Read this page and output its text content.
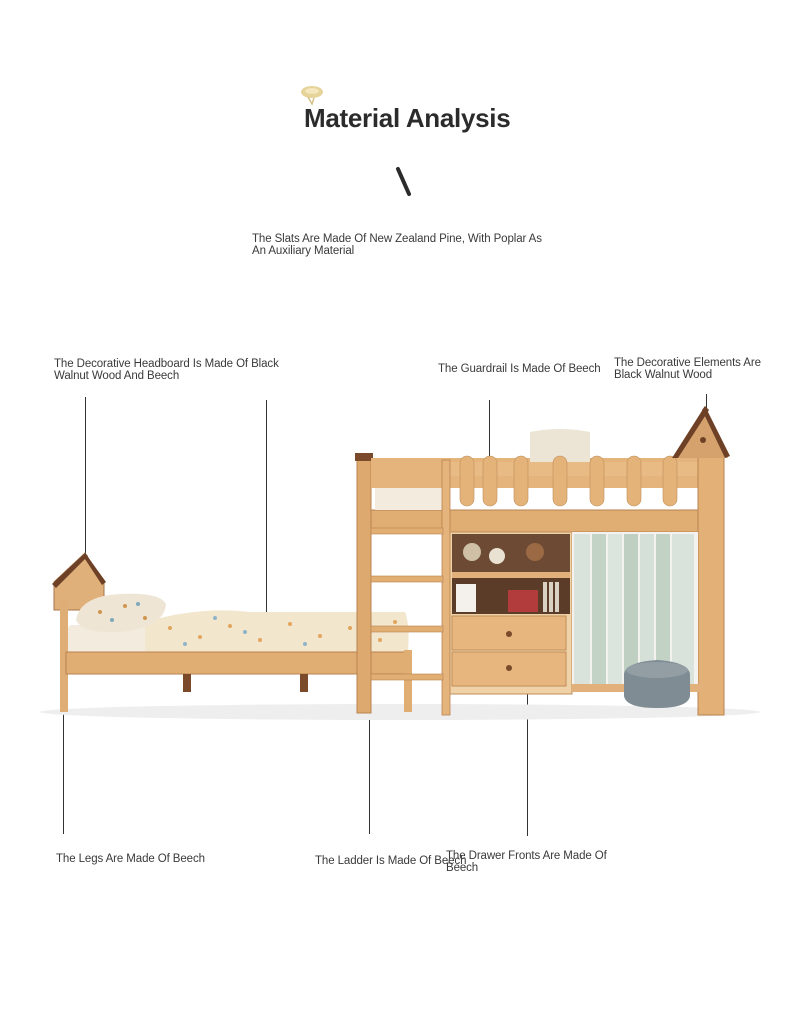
Material Analysis
The Slats Are Made Of New Zealand Pine, With Poplar As An Auxiliary Material
The Decorative Headboard Is Made Of Black Walnut Wood And Beech
The Guardrail Is Made Of Beech	The Decorative Elements Are Black Walnut Wood
The Legs Are Made Of Beech	The Ladder Is Made Of Beech
The Drawer Fronts Are Made Of Beech
